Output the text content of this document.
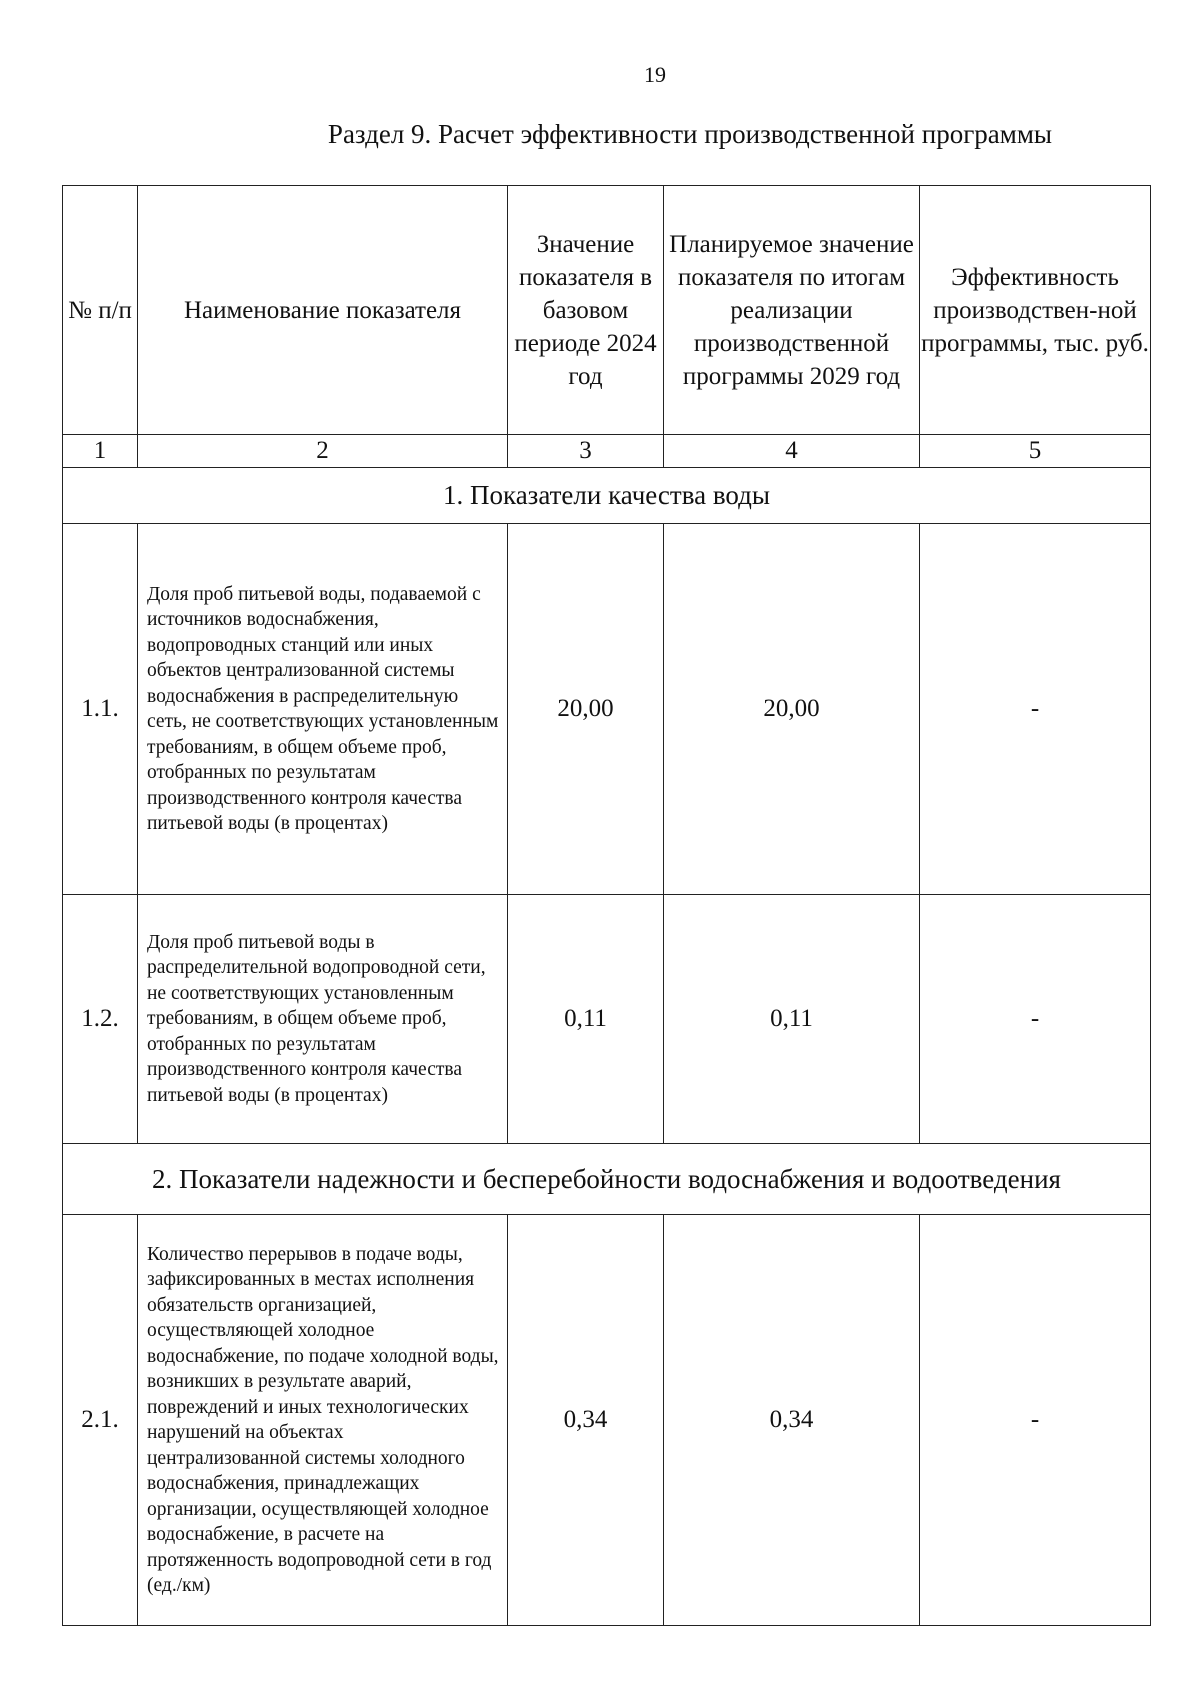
19
Раздел 9. Расчет эффективности производственной программы
№ п/п	Наименование показателя	Значение показателя в базовом периоде 2024 год	Планируемое значение показателя по итогам реализации производственной программы 2029 год	Эффективность производствен-ной программы, тыс. руб.
1	2	3	4	5
1. Показатели качества воды				
1.1.	Доля проб питьевой воды, подаваемой с источников водоснабжения, водопроводных станций или иных объектов централизованной системы водоснабжения в распределительную сеть, не соответствующих установленным требованиям, в общем объеме проб, отобранных по результатам производственного контроля качества питьевой воды (в процентах)	20,00	20,00	-
1.2.	Доля проб питьевой воды в распределительной водопроводной сети, не соответствующих установленным требованиям, в общем объеме проб, отобранных по результатам производственного контроля качества питьевой воды (в процентах)	0,11	0,11	-
2. Показатели надежности и бесперебойности водоснабжения и водоотведения				
2.1.	Количество перерывов в подаче воды, зафиксированных в местах исполнения обязательств организацией, осуществляющей холодное водоснабжение, по подаче холодной воды, возникших в результате аварий, повреждений и иных технологических нарушений на объектах централизованной системы холодного водоснабжения, принадлежащих организации, осуществляющей холодное водоснабжение, в расчете на протяженность водопроводной сети в год (ед./км)	0,34	0,34	-
